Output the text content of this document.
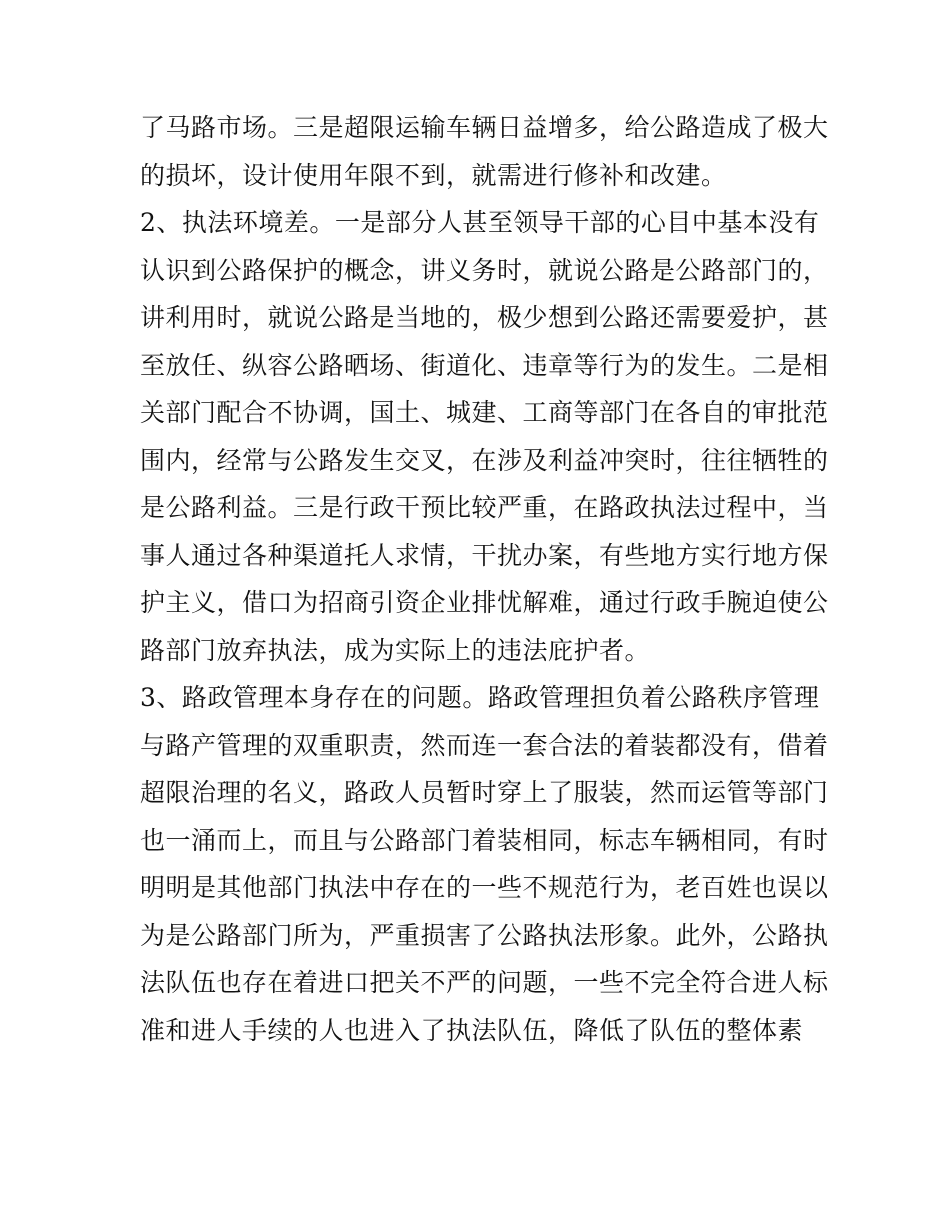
了马路市场。三是超限运输车辆日益增多，给公路造成了极大
的损坏，设计使用年限不到，就需进行修补和改建。
2、执法环境差。一是部分人甚至领导干部的心目中基本没有
认识到公路保护的概念，讲义务时，就说公路是公路部门的，
讲利用时，就说公路是当地的，极少想到公路还需要爱护，甚
至放任、纵容公路晒场、街道化、违章等行为的发生。二是相
关部门配合不协调，国土、城建、工商等部门在各自的审批范
围内，经常与公路发生交叉，在涉及利益冲突时，往往牺牲的
是公路利益。三是行政干预比较严重，在路政执法过程中，当
事人通过各种渠道托人求情，干扰办案，有些地方实行地方保
护主义，借口为招商引资企业排忧解难，通过行政手腕迫使公
路部门放弃执法，成为实际上的违法庇护者。
3、路政管理本身存在的问题。路政管理担负着公路秩序管理
与路产管理的双重职责，然而连一套合法的着装都没有，借着
超限治理的名义，路政人员暂时穿上了服装，然而运管等部门
也一涌而上，而且与公路部门着装相同，标志车辆相同，有时
明明是其他部门执法中存在的一些不规范行为，老百姓也误以
为是公路部门所为，严重损害了公路执法形象。此外，公路执
法队伍也存在着进口把关不严的问题，一些不完全符合进人标
准和进人手续的人也进入了执法队伍，降低了队伍的整体素
